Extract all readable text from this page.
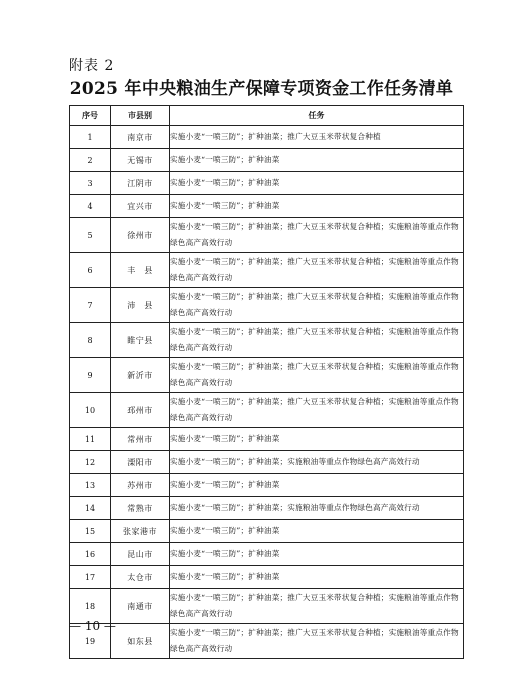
附表 2
2025 年中央粮油生产保障专项资金工作任务清单
序号	市县别	任务
1	南京市	实施小麦“一喷三防”；扩种油菜；推广大豆玉米带状复合种植
2	无锡市	实施小麦“一喷三防”；扩种油菜
3	江阴市	实施小麦“一喷三防”；扩种油菜
4	宜兴市	实施小麦“一喷三防”；扩种油菜
5	徐州市	实施小麦“一喷三防”；扩种油菜；推广大豆玉米带状复合种植；实施粮油等重点作物绿色高产高效行动
6	丰　县	实施小麦“一喷三防”；扩种油菜；推广大豆玉米带状复合种植；实施粮油等重点作物绿色高产高效行动
7	沛　县	实施小麦“一喷三防”；扩种油菜；推广大豆玉米带状复合种植；实施粮油等重点作物绿色高产高效行动
8	睢宁县	实施小麦“一喷三防”；扩种油菜；推广大豆玉米带状复合种植；实施粮油等重点作物绿色高产高效行动
9	新沂市	实施小麦“一喷三防”；扩种油菜；推广大豆玉米带状复合种植；实施粮油等重点作物绿色高产高效行动
10	邳州市	实施小麦“一喷三防”；扩种油菜；推广大豆玉米带状复合种植；实施粮油等重点作物绿色高产高效行动
11	常州市	实施小麦“一喷三防”；扩种油菜
12	溧阳市	实施小麦“一喷三防”；扩种油菜；实施粮油等重点作物绿色高产高效行动
13	苏州市	实施小麦“一喷三防”；扩种油菜
14	常熟市	实施小麦“一喷三防”；扩种油菜；实施粮油等重点作物绿色高产高效行动
15	张家港市	实施小麦“一喷三防”；扩种油菜
16	昆山市	实施小麦“一喷三防”；扩种油菜
17	太仓市	实施小麦“一喷三防”；扩种油菜
18	南通市	实施小麦“一喷三防”；扩种油菜；推广大豆玉米带状复合种植；实施粮油等重点作物绿色高产高效行动
19	如东县	实施小麦“一喷三防”；扩种油菜；推广大豆玉米带状复合种植；实施粮油等重点作物绿色高产高效行动
— 10 —
